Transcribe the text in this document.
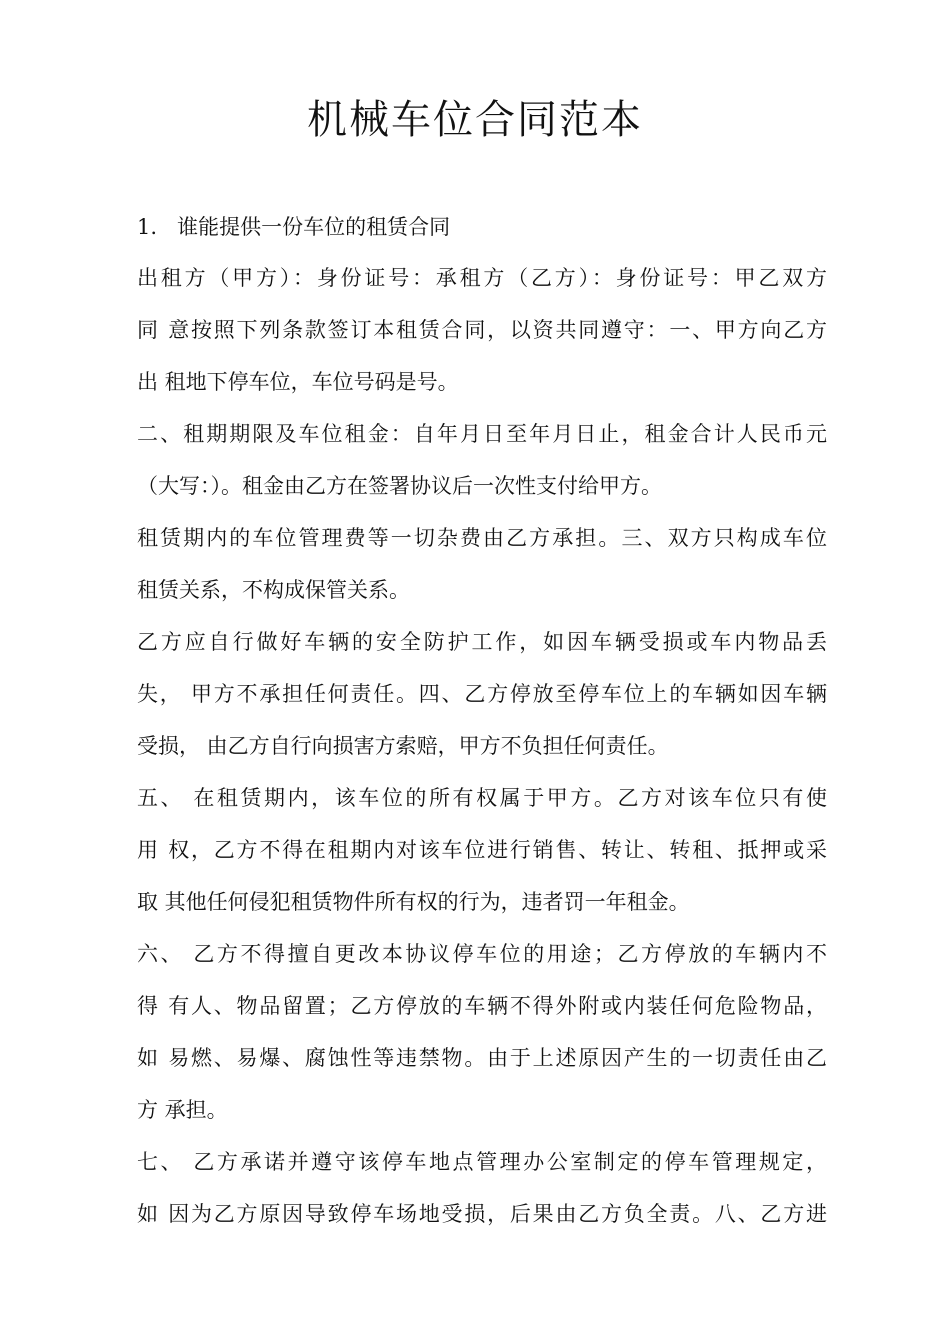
机械车位合同范本

1. 谁能提供一份车位的租赁合同

出租方（甲方）：身份证号：承租方（乙方）：身份证号：甲乙双方

同 意按照下列条款签订本租赁合同，以资共同遵守：一、甲方向乙方

出 租地下停车位，车位号码是号。

二、租期期限及车位租金：自年月日至年月日止，租金合计人民币元

（大写：）。租金由乙方在签署协议后一次性支付给甲方。

租赁期内的车位管理费等一切杂费由乙方承担。三、双方只构成车位

租赁关系，不构成保管关系。

乙方应自行做好车辆的安全防护工作，如因车辆受损或车内物品丢

失， 甲方不承担任何责任。四、乙方停放至停车位上的车辆如因车辆

受损， 由乙方自行向损害方索赔，甲方不负担任何责任。

五、 在租赁期内，该车位的所有权属于甲方。乙方对该车位只有使

用 权，乙方不得在租期内对该车位进行销售、转让、转租、抵押或采

取 其他任何侵犯租赁物件所有权的行为，违者罚一年租金。

六、 乙方不得擅自更改本协议停车位的用途；乙方停放的车辆内不

得 有人、物品留置；乙方停放的车辆不得外附或内装任何危险物品，

如 易燃、易爆、腐蚀性等违禁物。由于上述原因产生的一切责任由乙

方 承担。

七、 乙方承诺并遵守该停车地点管理办公室制定的停车管理规定，

如 因为乙方原因导致停车场地受损，后果由乙方负全责。八、乙方进
